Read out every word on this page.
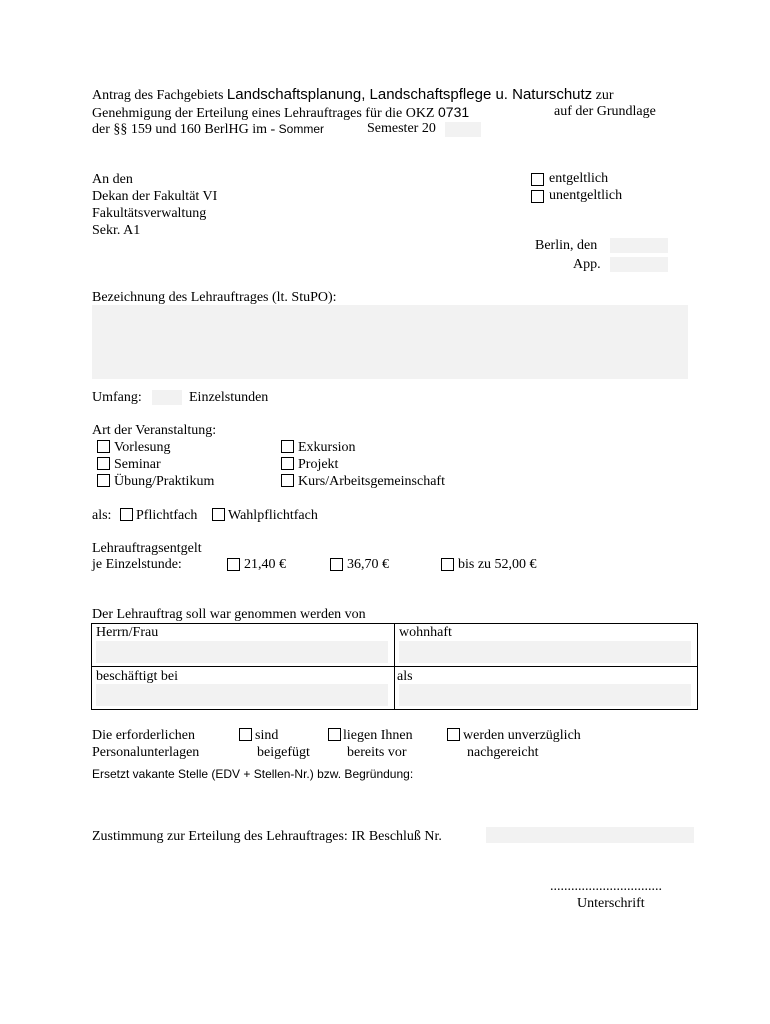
Antrag des Fachgebiets Landschaftsplanung, Landschaftspflege u. Naturschutz zur
Genehmigung der Erteilung eines Lehrauftrages für die OKZ 0731	auf der Grundlage
der §§ 159 und 160 BerlHG im - Sommer	Semester 20
An den
Dekan der Fakultät VI
Fakultätsverwaltung
Sekr. A1
entgeltlich
unentgeltlich
Berlin, den
App.
Bezeichnung des Lehrauftrages (lt. StuPO):
Umfang:	Einzelstunden
Art der Veranstaltung:
Vorlesung
Seminar
Übung/Praktikum
Exkursion
Projekt
Kurs/Arbeitsgemeinschaft
als: Pflichtfach Wahlpflichtfach
Lehrauftragsentgelt
je Einzelstunde:	21,40 €	36,70 €	bis zu 52,00 €
Der Lehrauftrag soll war genommen werden von
Herrn/Frau	wohnhaft
beschäftigt bei	als
Die erforderlichen
Personalunterlagen
sind
beigefügt
liegen Ihnen
bereits vor
werden unverzüglich
nachgereicht
Ersetzt vakante Stelle (EDV + Stellen-Nr.) bzw. Begründung:
Zustimmung zur Erteilung des Lehrauftrages: IR Beschluß Nr.
................................
Unterschrift
